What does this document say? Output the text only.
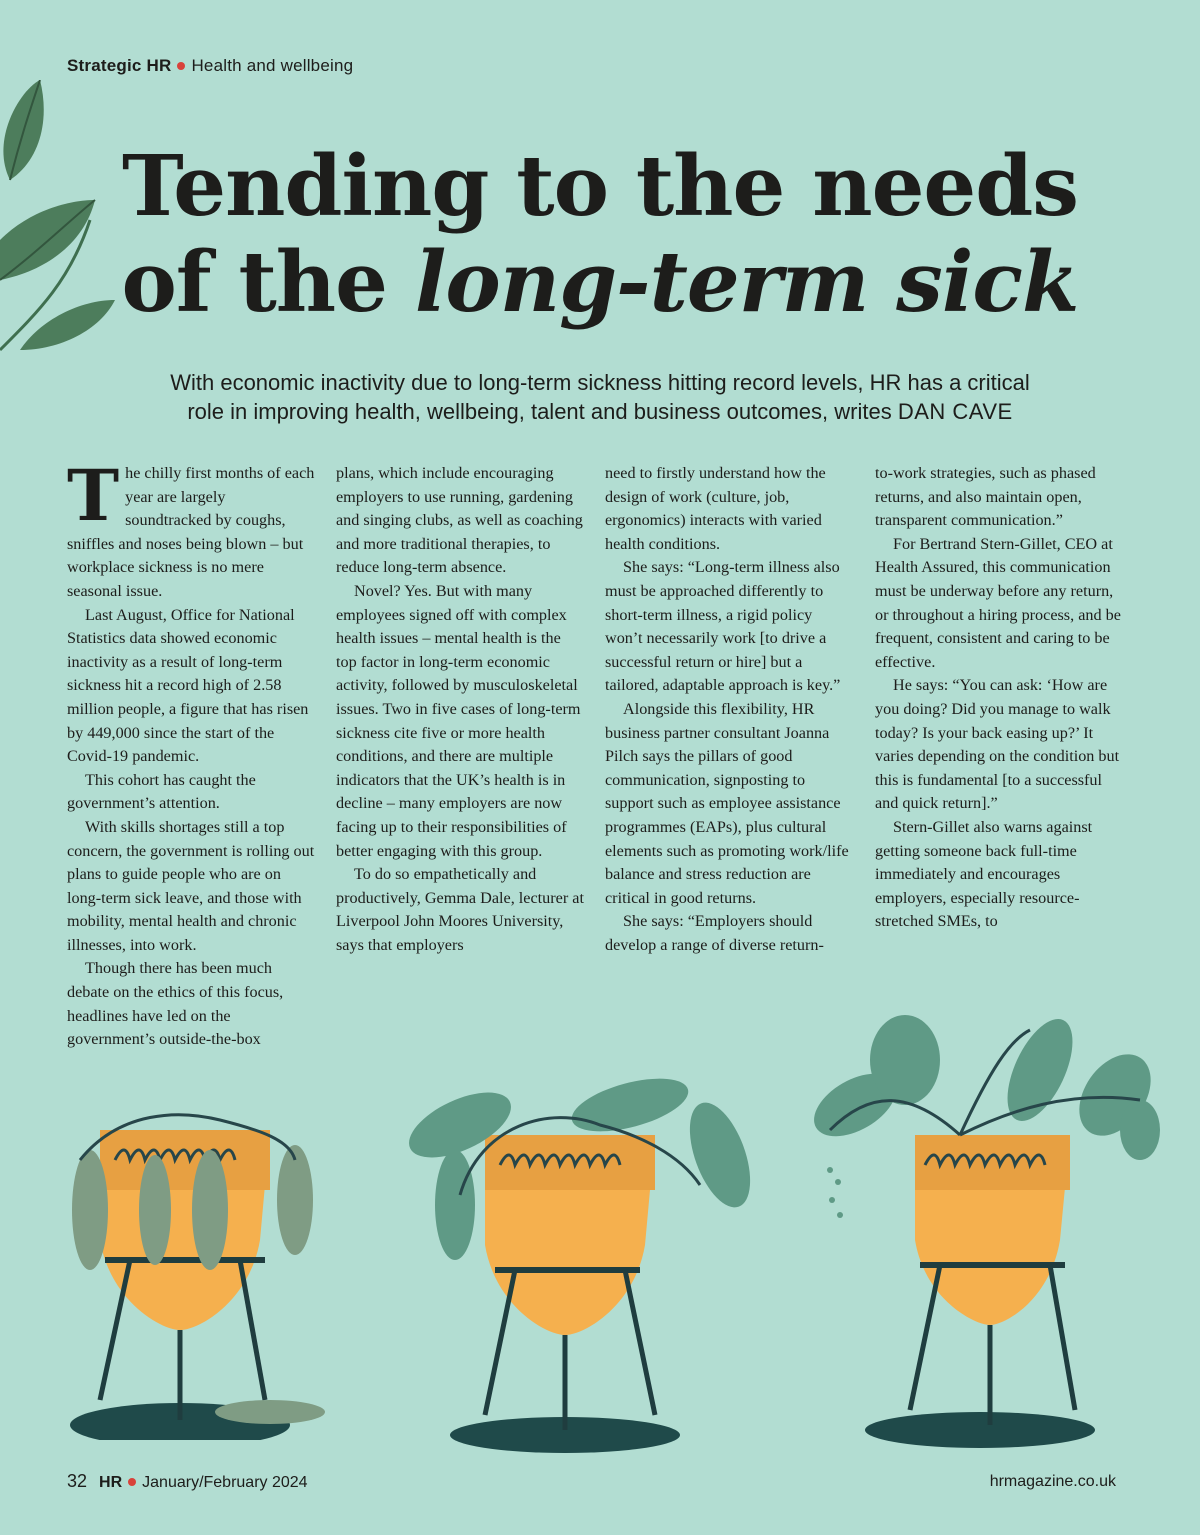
Strategic HR Health and wellbeing
Tending to the needs
of the long-term sick
With economic inactivity due to long-term sickness hitting record levels, HR has a critical
role in improving health, wellbeing, talent and business outcomes, writes DAN CAVE

The chilly first months of each year are largely soundtracked by coughs, sniffles and noses being blown – but workplace sickness is no mere seasonal issue.

Last August, Office for National Statistics data showed economic inactivity as a result of long-term sickness hit a record high of 2.58 million people, a figure that has risen by 449,000 since the start of the Covid-19 pandemic.

This cohort has caught the government’s attention.

With skills shortages still a top concern, the government is rolling out plans to guide people who are on long-term sick leave, and those with mobility, mental health and chronic illnesses, into work.

Though there has been much debate on the ethics of this focus, headlines have led on the government’s outside-the-box

plans, which include encouraging employers to use running, gardening and singing clubs, as well as coaching and more traditional therapies, to reduce long-term absence.

Novel? Yes. But with many employees signed off with complex health issues – mental health is the top factor in long-term economic activity, followed by musculoskeletal issues. Two in five cases of long-term sickness cite five or more health conditions, and there are multiple indicators that the UK’s health is in decline – many employers are now facing up to their responsibilities of better engaging with this group.

To do so empathetically and productively, Gemma Dale, lecturer at Liverpool John Moores University, says that employers

need to firstly understand how the design of work (culture, job, ergonomics) interacts with varied health conditions.

She says: “Long-term illness also must be approached differently to short-term illness, a rigid policy won’t necessarily work [to drive a successful return or hire] but a tailored, adaptable approach is key.”

Alongside this flexibility, HR business partner consultant Joanna Pilch says the pillars of good communication, signposting to support such as employee assistance programmes (EAPs), plus cultural elements such as promoting work/life balance and stress reduction are critical in good returns.

She says: “Employers should develop a range of diverse return-

to-work strategies, such as phased returns, and also maintain open, transparent communication.”

For Bertrand Stern-Gillet, CEO at Health Assured, this communication must be underway before any return, or throughout a hiring process, and be frequent, consistent and caring to be effective.

He says: “You can ask: ‘How are you doing? Did you manage to walk today? Is your back easing up?’ It varies depending on the condition but this is fundamental [to a successful and quick return].”

Stern-Gillet also warns against getting someone back full-time immediately and encourages employers, especially resource-stretched SMEs, to

32 HR January/February 2024	hrmagazine.co.uk
